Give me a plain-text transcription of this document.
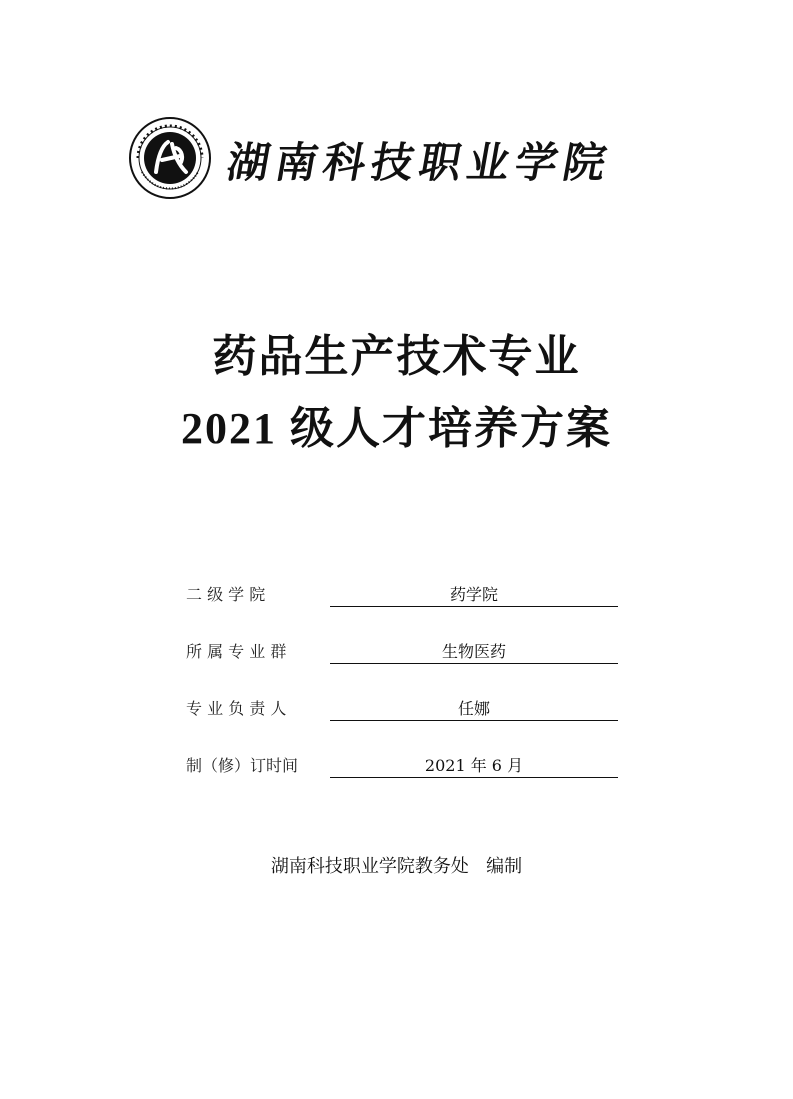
湖南科技职业学院
药品生产技术专业
2021 级人才培养方案
二 级 学 院	药学院
所 属 专 业 群	生物医药
专 业 负 责 人	任娜
制（修）订时间	2021 年 6 月
湖南科技职业学院教务处   编制
